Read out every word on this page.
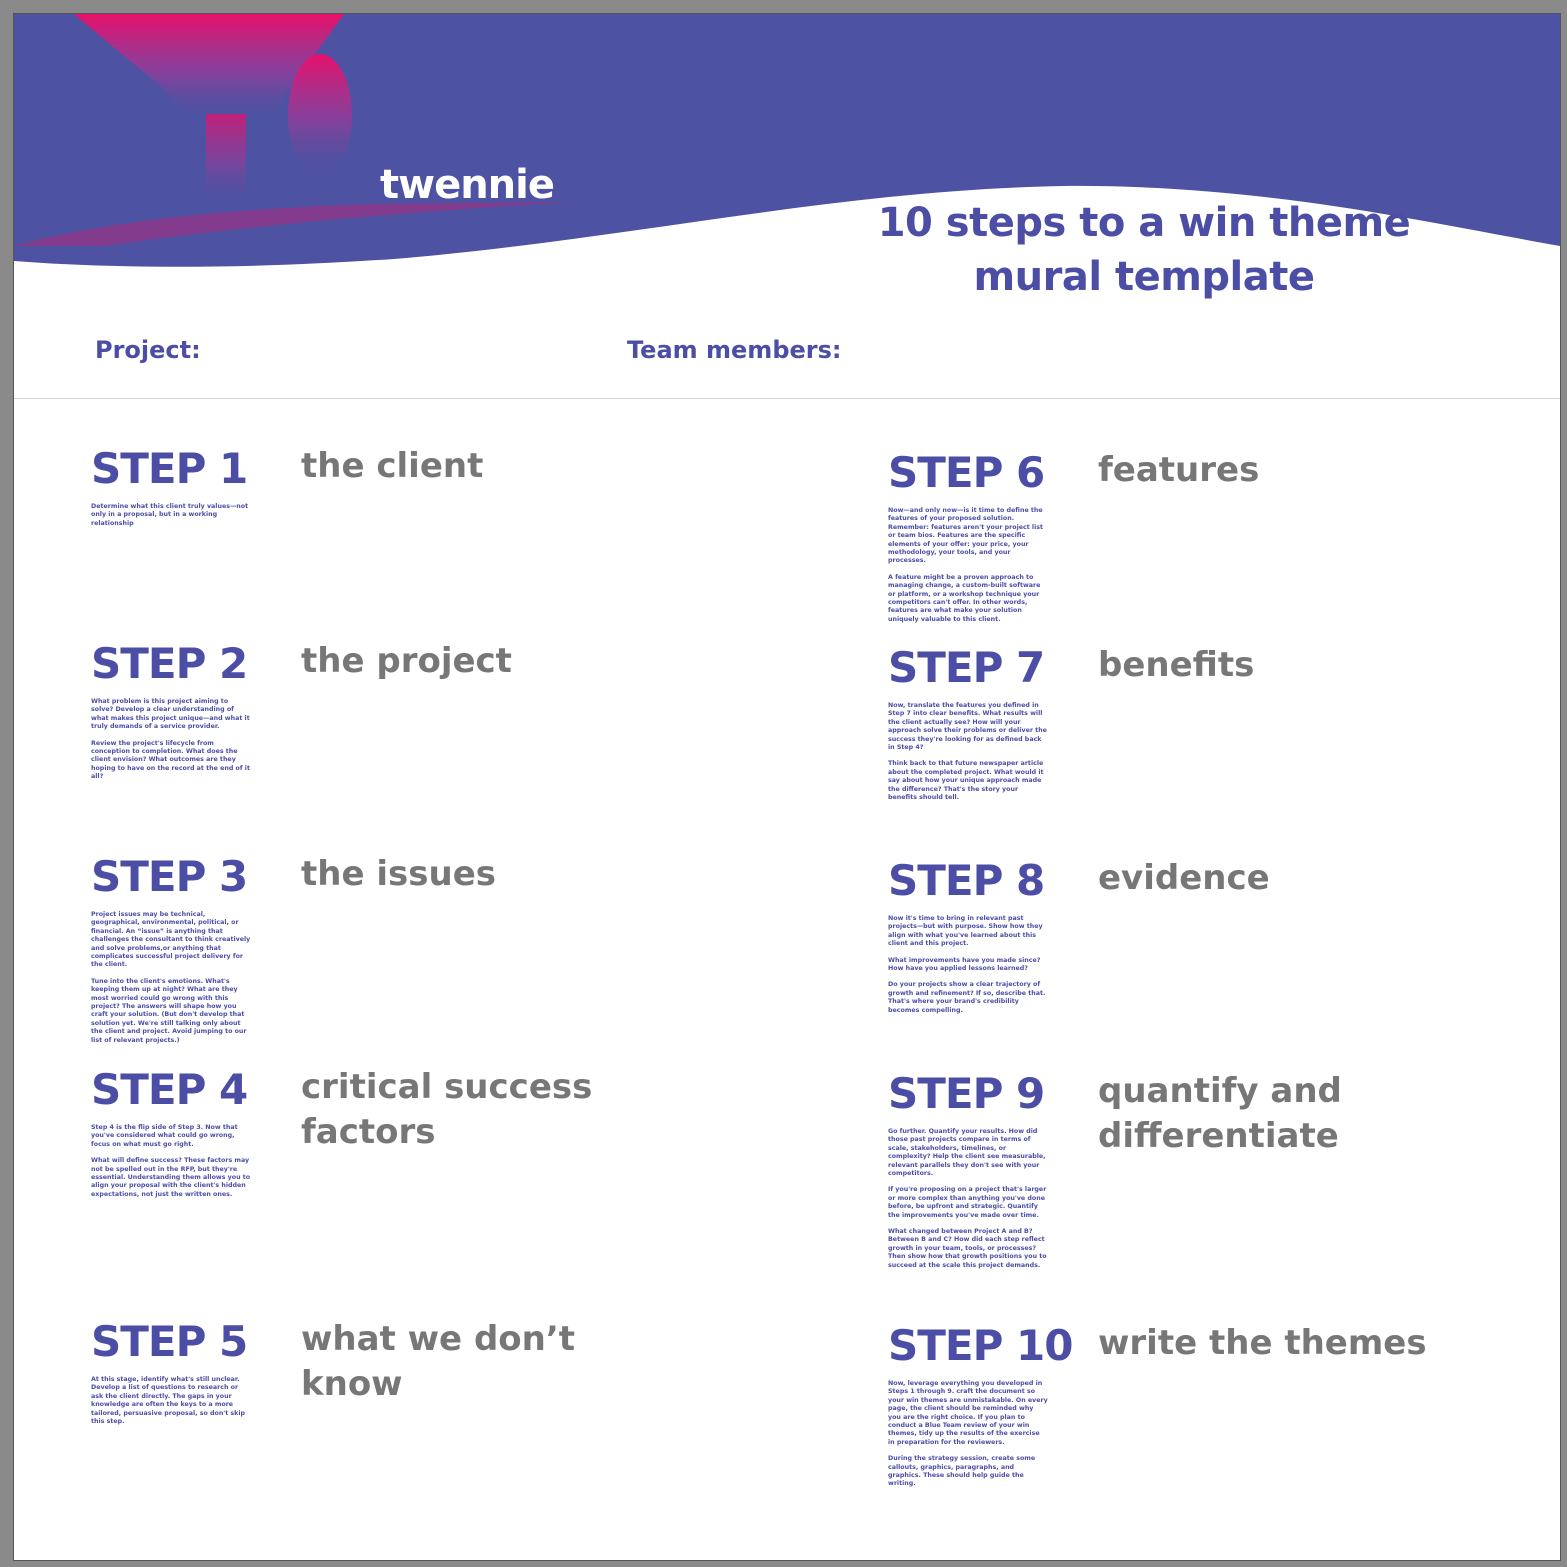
twennie
10 steps to a win theme
mural template
Project:	Team members:
STEP 1 the client

Determine what this client truly values—not only in a proposal, but in a working relationship

STEP 2 the project

What problem is this project aiming to solve? Develop a clear understanding of what makes this project unique—and what it truly demands of a service provider.

Review the project's lifecycle from conception to completion. What does the client envision? What outcomes are they hoping to have on the record at the end of it all?

STEP 3 the issues

Project issues may be technical, geographical, environmental, political, or financial. An “issue” is anything that challenges the consultant to think creatively and solve problems,or anything that complicates successful project delivery for the client.

Tune into the client's emotions. What's keeping them up at night? What are they most worried could go wrong with this project? The answers will shape how you craft your solution. (But don't develop that solution yet. We're still talking only about the client and project. Avoid jumping to our list of relevant projects.)

STEP 4 critical success factors

Step 4 is the flip side of Step 3. Now that you've considered what could go wrong, focus on what must go right.

What will define success? These factors may not be spelled out in the RFP, but they're essential. Understanding them allows you to align your proposal with the client's hidden expectations, not just the written ones.

STEP 5 what we don’t know

At this stage, identify what's still unclear. Develop a list of questions to research or ask the client directly. The gaps in your knowledge are often the keys to a more tailored, persuasive proposal, so don't skip this step.

STEP 6 features

Now—and only now—is it time to define the features of your proposed solution. Remember: features aren't your project list or team bios. Features are the specific elements of your offer: your price, your methodology, your tools, and your processes.

A feature might be a proven approach to managing change, a custom-built software or platform, or a workshop technique your competitors can't offer. In other words, features are what make your solution uniquely valuable to this client.

STEP 7 benefits

Now, translate the features you defined in Step 7 into clear benefits. What results will the client actually see? How will your approach solve their problems or deliver the success they're looking for as defined back in Step 4?

Think back to that future newspaper article about the completed project. What would it say about how your unique approach made the difference? That's the story your benefits should tell.

STEP 8 evidence

Now it's time to bring in relevant past projects—but with purpose. Show how they align with what you've learned about this client and this project.

What improvements have you made since? How have you applied lessons learned?

Do your projects show a clear trajectory of growth and refinement? If so, describe that. That's where your brand's credibility becomes compelling.

STEP 9 quantify and differentiate

Go further. Quantify your results. How did those past projects compare in terms of scale, stakeholders, timelines, or complexity? Help the client see measurable, relevant parallels they don't see with your competitors.

If you're proposing on a project that's larger or more complex than anything you've done before, be upfront and strategic. Quantify the improvements you've made over time.

What changed between Project A and B? Between B and C? How did each step reflect growth in your team, tools, or processes? Then show how that growth positions you to succeed at the scale this project demands.

STEP 10 write the themes

Now, leverage everything you developed in Steps 1 through 9. craft the document so your win themes are unmistakable. On every page, the client should be reminded why you are the right choice. If you plan to conduct a Blue Team review of your win themes, tidy up the results of the exercise in preparation for the reviewers.

During the strategy session, create some callouts, graphics, paragraphs, and graphics. These should help guide the writing.
